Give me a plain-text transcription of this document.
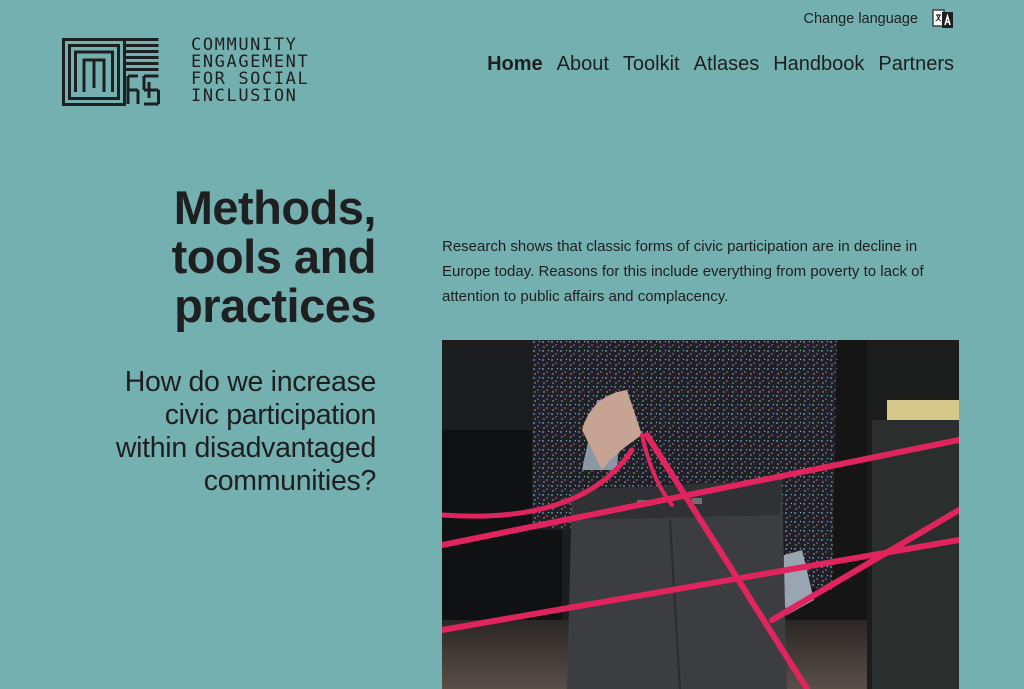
Change language
COMMUNITY
ENGAGEMENT
FOR SOCIAL
INCLUSION
Home About Toolkit Atlases Handbook Partners
Methods,
tools and
practices
How do we increase
civic participation
within disadvantaged
communities?

Research shows that classic forms of civic participation are in decline in
Europe today. Reasons for this include everything from poverty to lack of
attention to public affairs and complacency.
